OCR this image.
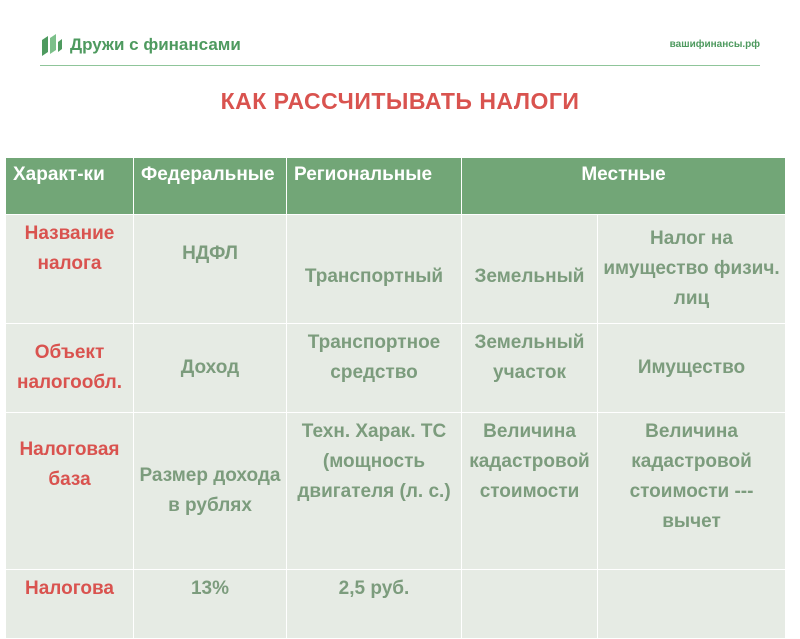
Дружи с финансами	вашифинансы.рф
КАК РАССЧИТЫВАТЬ НАЛОГИ
Характ-ки	Федеральные	Региональные	Местные	
Название налога	НДФЛ	Транспортный	Земельный	Налог на имущество физич. лиц
Объект налогообл.	Доход	Транспортное средство	Земельный участок	Имущество
Налоговая база	Размер дохода в рублях	Техн. Харак. ТС (мощность двигателя (л. с.)	Величина кадастровой стоимости	Величина кадастровой стоимости --- вычет
Налогова	13%	2,5 руб.		
